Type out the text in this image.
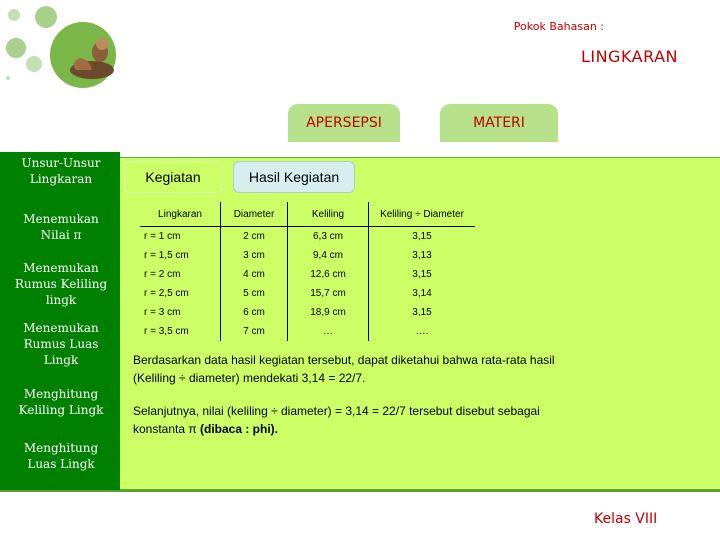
Pokok Bahasan :
LINGKARAN
APERSEPSI	MATERI
Unsur-Unsur Lingkaran
Menemukan Nilai π
Menemukan Rumus Keliling lingk
Menemukan Rumus Luas Lingk
Menghitung Keliling Lingk
Menghitung Luas Lingk
Kegiatan	Hasil Kegiatan
Lingkaran	Diameter	Keliling	Keliling ÷ Diameter
r = 1 cm	2 cm	6,3 cm	3,15
r = 1,5 cm	3 cm	9,4 cm	3,13
r = 2 cm	4 cm	12,6 cm	3,15
r = 2,5 cm	5 cm	15,7 cm	3,14
r = 3 cm	6 cm	18,9 cm	3,15
r = 3,5 cm	7 cm	…	….
Berdasarkan data hasil kegiatan tersebut, dapat diketahui bahwa rata-rata hasil (Keliling ÷ diameter) mendekati 3,14 = 22/7.
Selanjutnya, nilai (keliling ÷ diameter) = 3,14 = 22/7 tersebut disebut sebagai konstanta π (dibaca : phi).
Kelas VIII
